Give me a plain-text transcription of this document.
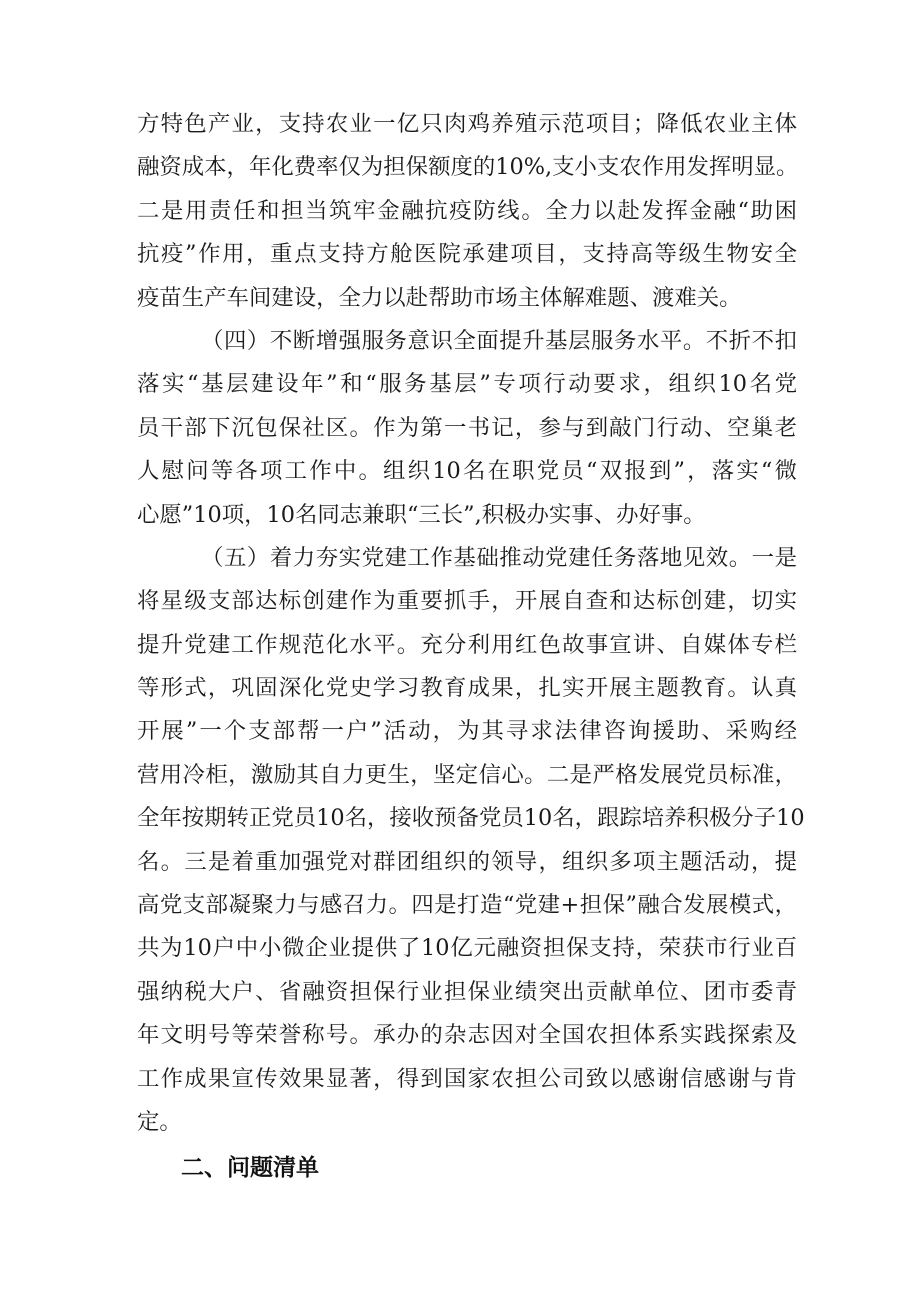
方特色产业，支持农业一亿只肉鸡养殖示范项目；降低农业主体
融资成本，年化费率仅为担保额度的10%,支小支农作用发挥明显。
二是用责任和担当筑牢金融抗疫防线。全力以赴发挥金融“助困
抗疫”作用，重点支持方舱医院承建项目，支持高等级生物安全
疫苗生产车间建设，全力以赴帮助市场主体解难题、渡难关。
（四）不断增强服务意识全面提升基层服务水平。不折不扣
落实“基层建设年”和“服务基层”专项行动要求，组织10名党
员干部下沉包保社区。作为第一书记，参与到敲门行动、空巢老
人慰问等各项工作中。组织10名在职党员“双报到”，落实“微
心愿”10项，10名同志兼职“三长”,积极办实事、办好事。
（五）着力夯实党建工作基础推动党建任务落地见效。一是
将星级支部达标创建作为重要抓手，开展自查和达标创建，切实
提升党建工作规范化水平。充分利用红色故事宣讲、自媒体专栏
等形式，巩固深化党史学习教育成果，扎实开展主题教育。认真
开展”一个支部帮一户”活动，为其寻求法律咨询援助、采购经
营用冷柜，激励其自力更生，坚定信心。二是严格发展党员标准，
全年按期转正党员10名，接收预备党员10名，跟踪培养积极分子10
名。三是着重加强党对群团组织的领导，组织多项主题活动，提
高党支部凝聚力与感召力。四是打造“党建+担保”融合发展模式，
共为10户中小微企业提供了10亿元融资担保支持，荣获市行业百
强纳税大户、省融资担保行业担保业绩突出贡献单位、团市委青
年文明号等荣誉称号。承办的杂志因对全国农担体系实践探索及
工作成果宣传效果显著，得到国家农担公司致以感谢信感谢与肯
定。
二、问题清单
